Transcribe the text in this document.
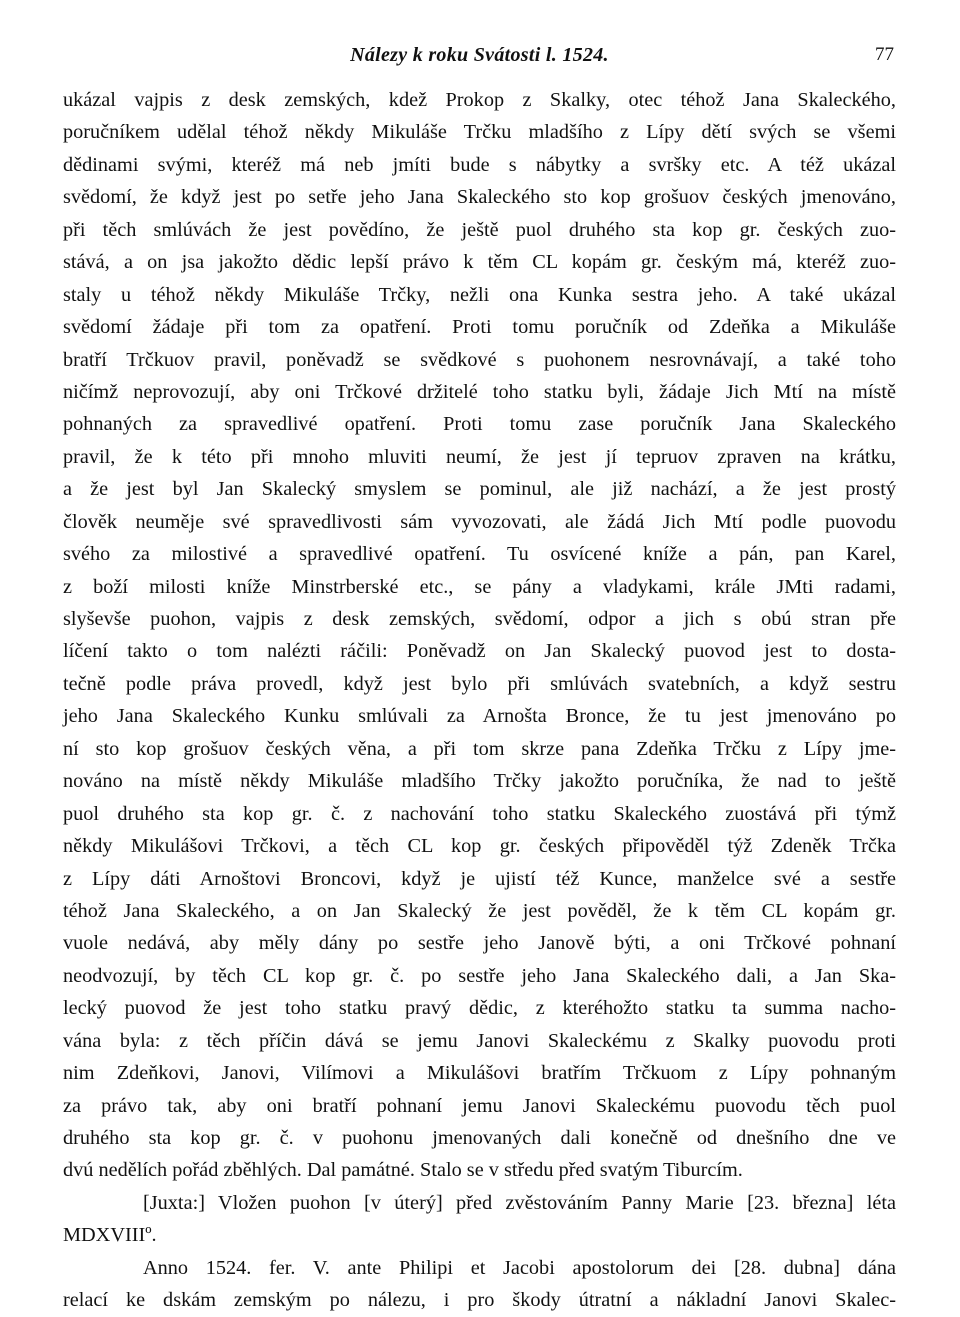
Nálezy k roku Svátosti l. 1524.	77
ukázal vajpis z desk zemských, kdež Prokop z Skalky, otec téhož Jana Skaleckého,
poručníkem udělal téhož někdy Mikuláše Trčku mladšího z Lípy dětí svých se všemi
dědinami svými, kteréž má neb jmíti bude s nábytky a svršky etc. A též ukázal
svědomí, že když jest po setře jeho Jana Skaleckého sto kop grošuov českých jmenováno,
při těch smlúvách že jest povědíno, že ještě puol druhého sta kop gr. českých zuo-
stává, a on jsa jakožto dědic lepší právo k těm CL kopám gr. českým má, kteréž zuo-
staly u téhož někdy Mikuláše Trčky, nežli ona Kunka sestra jeho. A také ukázal
svědomí žádaje při tom za opatření. Proti tomu poručník od Zdeňka a Mikuláše
bratří Trčkuov pravil, poněvadž se svědkové s puohonem nesrovnávají, a také toho
ničímž neprovozují, aby oni Trčkové držitelé toho statku byli, žádaje Jich Mtí na místě
pohnaných za spravedlivé opatření. Proti tomu zase poručník Jana Skaleckého
pravil, že k této při mnoho mluviti neumí, že jest jí tepruov zpraven na krátku,
a že jest byl Jan Skalecký smyslem se pominul, ale již nachází, a že jest prostý
člověk neuměje své spravedlivosti sám vyvozovati, ale žádá Jich Mtí podle puovodu
svého za milostivé a spravedlivé opatření. Tu osvícené kníže a pán, pan Karel,
z boží milosti kníže Minstrberské etc., se pány a vladykami, krále JMti radami,
slyševše puohon, vajpis z desk zemských, svědomí, odpor a jich s obú stran pře
líčení takto o tom nalézti ráčili: Poněvadž on Jan Skalecký puovod jest to dosta-
tečně podle práva provedl, když jest bylo při smlúvách svatebních, a když sestru
jeho Jana Skaleckého Kunku smlúvali za Arnošta Bronce, že tu jest jmenováno po
ní sto kop grošuov českých věna, a při tom skrze pana Zdeňka Trčku z Lípy jme-
nováno na místě někdy Mikuláše mladšího Trčky jakožto poručníka, že nad to ještě
puol druhého sta kop gr. č. z nachování toho statku Skaleckého zuostává při týmž
někdy Mikulášovi Trčkovi, a těch CL kop gr. českých připověděl týž Zdeněk Trčka
z Lípy dáti Arnoštovi Broncovi, když je ujistí též Kunce, manželce své a sestře
téhož Jana Skaleckého, a on Jan Skalecký že jest pověděl, že k těm CL kopám gr.
vuole nedává, aby měly dány po sestře jeho Janově býti, a oni Trčkové pohnaní
neodvozují, by těch CL kop gr. č. po sestře jeho Jana Skaleckého dali, a Jan Ska-
lecký puovod že jest toho statku pravý dědic, z kteréhožto statku ta summa nacho-
vána byla: z těch příčin dává se jemu Janovi Skaleckému z Skalky puovodu proti
nim Zdeňkovi, Janovi, Vilímovi a Mikulášovi bratřím Trčkuom z Lípy pohnaným
za právo tak, aby oni bratří pohnaní jemu Janovi Skaleckému puovodu těch puol
druhého sta kop gr. č. v puohonu jmenovaných dali konečně od dnešního dne ve
dvú nedělích pořád zběhlých. Dal památné. Stalo se v středu před svatým Tiburcím.
[Juxta:] Vložen puohon [v úterý] před zvěstováním Panny Marie [23. března] léta
MDXVIIIº.
Anno 1524. fer. V. ante Philipi et Jacobi apostolorum dei [28. dubna] dána
relací ke dskám zemským po nálezu, i pro škody útratní a nákladní Janovi Skalec-
